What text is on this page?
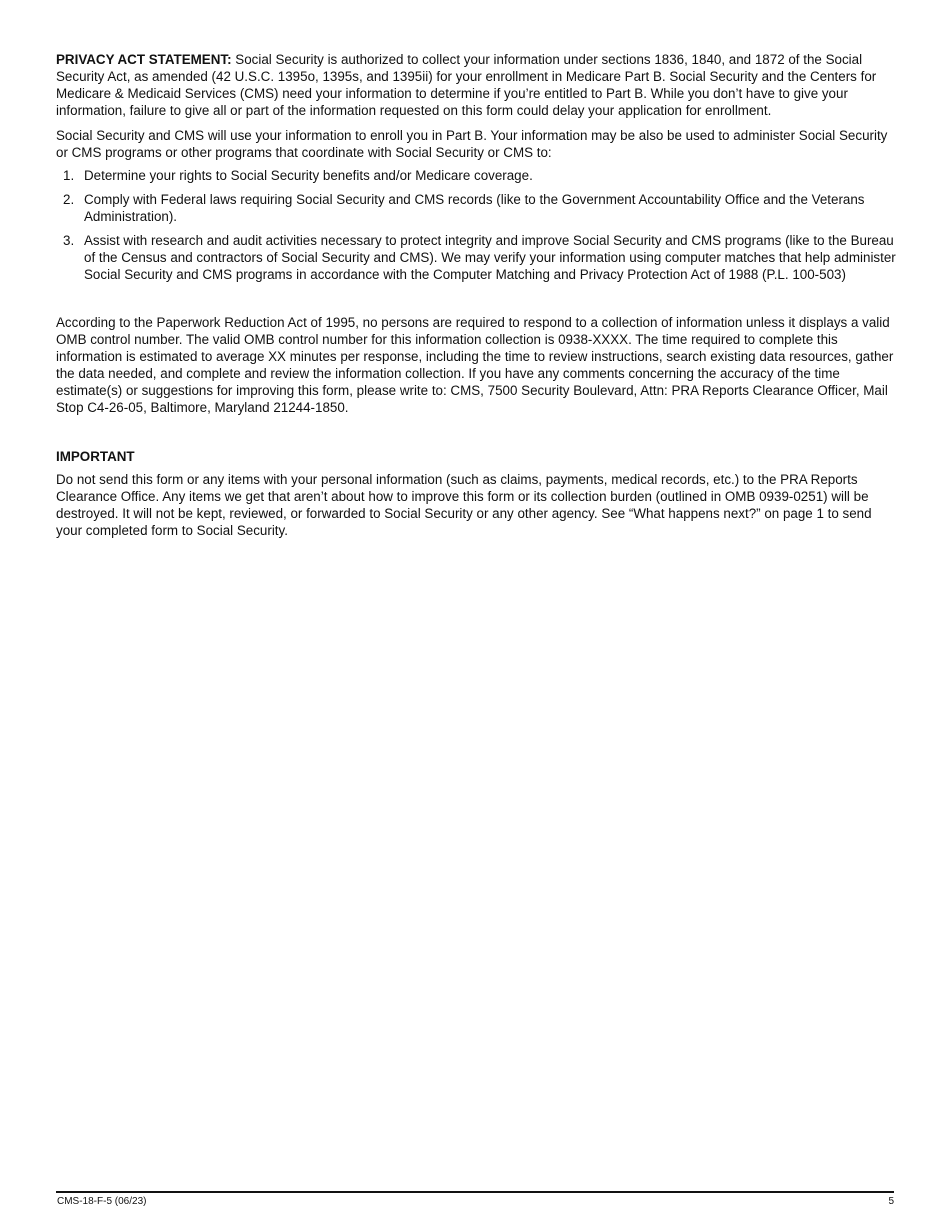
PRIVACY ACT STATEMENT: Social Security is authorized to collect your information under sections 1836, 1840, and 1872 of the Social Security Act, as amended (42 U.S.C. 1395o, 1395s, and 1395ii) for your enrollment in Medicare Part B. Social Security and the Centers for Medicare & Medicaid Services (CMS) need your information to determine if you’re entitled to Part B. While you don’t have to give your information, failure to give all or part of the information requested on this form could delay your application for enrollment.

Social Security and CMS will use your information to enroll you in Part B. Your information may be also be used to administer Social Security or CMS programs or other programs that coordinate with Social Security or CMS to:

1. Determine your rights to Social Security benefits and/or Medicare coverage.
2. Comply with Federal laws requiring Social Security and CMS records (like to the Government Accountability Office and the Veterans Administration).
3. Assist with research and audit activities necessary to protect integrity and improve Social Security and CMS programs (like to the Bureau of the Census and contractors of Social Security and CMS). We may verify your information using computer matches that help administer Social Security and CMS programs in accordance with the Computer Matching and Privacy Protection Act of 1988 (P.L. 100-503)

According to the Paperwork Reduction Act of 1995, no persons are required to respond to a collection of information unless it displays a valid OMB control number. The valid OMB control number for this information collection is 0938-XXXX. The time required to complete this information is estimated to average XX minutes per response, including the time to review instructions, search existing data resources, gather the data needed, and complete and review the information collection. If you have any comments concerning the accuracy of the time estimate(s) or suggestions for improving this form, please write to: CMS, 7500 Security Boulevard, Attn: PRA Reports Clearance Officer, Mail Stop C4-26-05, Baltimore, Maryland 21244-1850.

IMPORTANT

Do not send this form or any items with your personal information (such as claims, payments, medical records, etc.) to the PRA Reports Clearance Office. Any items we get that aren’t about how to improve this form or its collection burden (outlined in OMB 0939-0251) will be destroyed. It will not be kept, reviewed, or forwarded to Social Security or any other agency. See “What happens next?” on page 1 to send your completed form to Social Security.

CMS-18-F-5 (06/23)	5
